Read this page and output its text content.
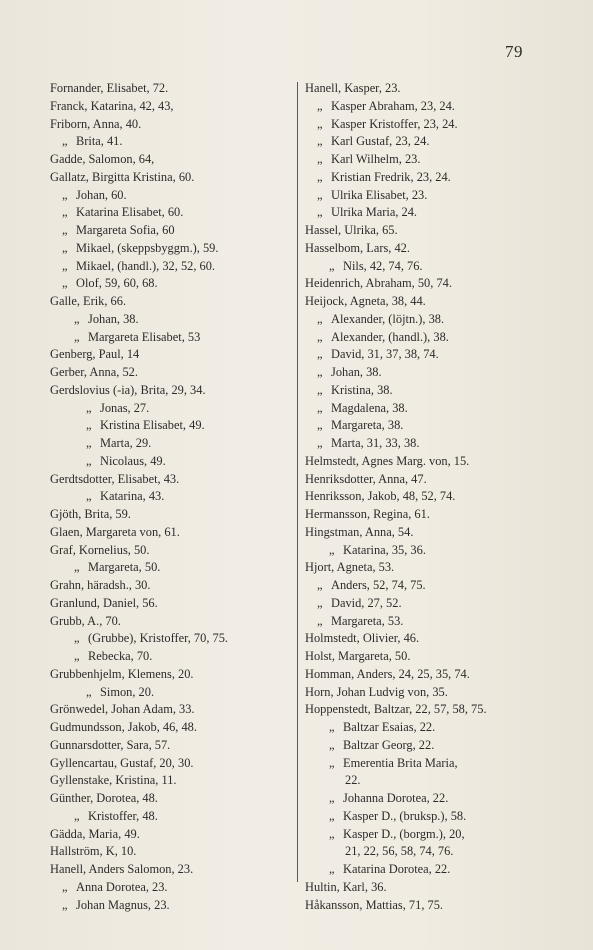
79
Fornander, Elisabet, 72.
Franck, Katarina, 42, 43,
Friborn, Anna, 40.
„ Brita, 41.
Gadde, Salomon, 64,
Gallatz, Birgitta Kristina, 60.
„ Johan, 60.
„ Katarina Elisabet, 60.
„ Margareta Sofia, 60
„ Mikael, (skeppsbyggm.), 59.
„ Mikael, (handl.), 32, 52, 60.
„ Olof, 59, 60, 68.
Galle, Erik, 66.
„ Johan, 38.
„ Margareta Elisabet, 53
Genberg, Paul, 14
Gerber, Anna, 52.
Gerdslovius (-ia), Brita, 29, 34.
„ Jonas, 27.
„ Kristina Elisabet, 49.
„ Marta, 29.
„ Nicolaus, 49.
Gerdtsdotter, Elisabet, 43.
„ Katarina, 43.
Gjöth, Brita, 59.
Glaen, Margareta von, 61.
Graf, Kornelius, 50.
„ Margareta, 50.
Grahn, häradsh., 30.
Granlund, Daniel, 56.
Grubb, A., 70.
„ (Grubbe), Kristoffer, 70, 75.
„ Rebecka, 70.
Grubbenhjelm, Klemens, 20.
„ Simon, 20.
Grönwedel, Johan Adam, 33.
Gudmundsson, Jakob, 46, 48.
Gunnarsdotter, Sara, 57.
Gyllencartau, Gustaf, 20, 30.
Gyllenstake, Kristina, 11.
Günther, Dorotea, 48.
„ Kristoffer, 48.
Gädda, Maria, 49.
Hallström, K, 10.
Hanell, Anders Salomon, 23.
„ Anna Dorotea, 23.
„ Johan Magnus, 23.
Hanell, Kasper, 23.
„ Kasper Abraham, 23, 24.
„ Kasper Kristoffer, 23, 24.
„ Karl Gustaf, 23, 24.
„ Karl Wilhelm, 23.
„ Kristian Fredrik, 23, 24.
„ Ulrika Elisabet, 23.
„ Ulrika Maria, 24.
Hassel, Ulrika, 65.
Hasselbom, Lars, 42.
„ Nils, 42, 74, 76.
Heidenrich, Abraham, 50, 74.
Heijock, Agneta, 38, 44.
„ Alexander, (löjtn.), 38.
„ Alexander, (handl.), 38.
„ David, 31, 37, 38, 74.
„ Johan, 38.
„ Kristina, 38.
„ Magdalena, 38.
„ Margareta, 38.
„ Marta, 31, 33, 38.
Helmstedt, Agnes Marg. von, 15.
Henriksdotter, Anna, 47.
Henriksson, Jakob, 48, 52, 74.
Hermansson, Regina, 61.
Hingstman, Anna, 54.
„ Katarina, 35, 36.
Hjort, Agneta, 53.
„ Anders, 52, 74, 75.
„ David, 27, 52.
„ Margareta, 53.
Holmstedt, Olivier, 46.
Holst, Margareta, 50.
Homman, Anders, 24, 25, 35, 74.
Horn, Johan Ludvig von, 35.
Hoppenstedt, Baltzar, 22, 57, 58, 75.
„ Baltzar Esaias, 22.
„ Baltzar Georg, 22.
„ Emerentia Brita Maria,
22.
„ Johanna Dorotea, 22.
„ Kasper D., (bruksp.), 58.
„ Kasper D., (borgm.), 20,
21, 22, 56, 58, 74, 76.
„ Katarina Dorotea, 22.
Hultin, Karl, 36.
Håkansson, Mattias, 71, 75.
